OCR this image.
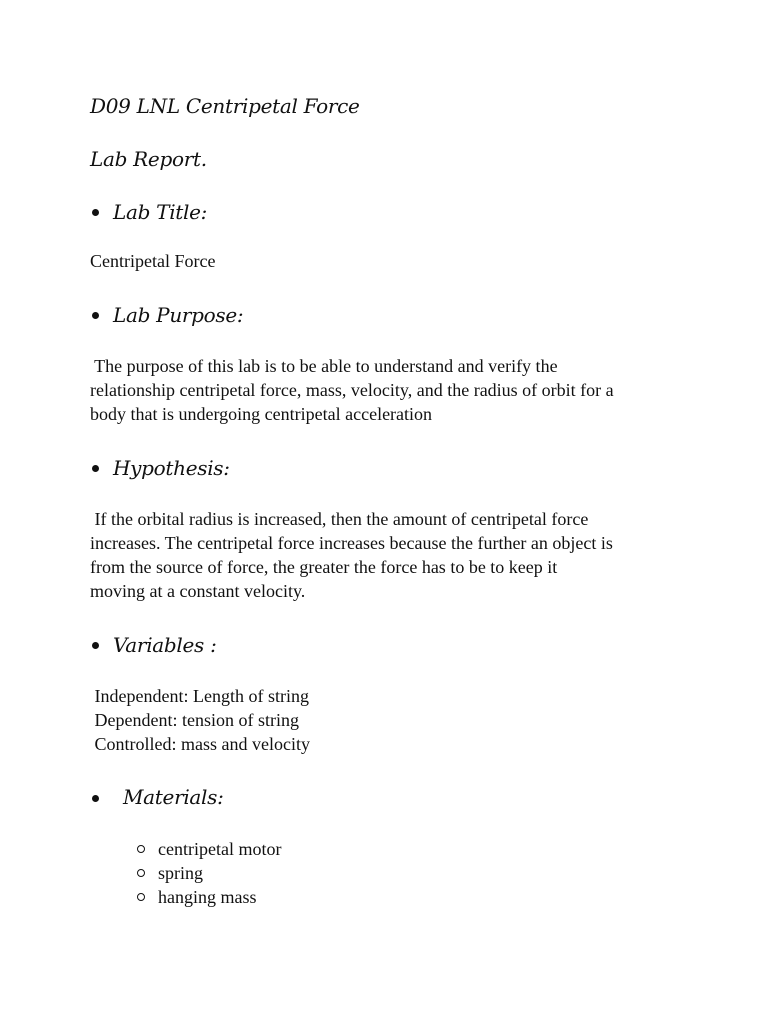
D09 LNL Centripetal Force
Lab Report.
Lab Title:
Centripetal Force
Lab Purpose:
The purpose of this lab is to be able to understand and verify the
relationship centripetal force, mass, velocity, and the radius of orbit for a
body that is undergoing centripetal acceleration
Hypothesis:
If the orbital radius is increased, then the amount of centripetal force
increases. The centripetal force increases because the further an object is
from the source of force, the greater the force has to be to keep it
moving at a constant velocity.
Variables :
Independent: Length of string
Dependent: tension of string
Controlled: mass and velocity
Materials:
centripetal motor
spring
hanging mass
